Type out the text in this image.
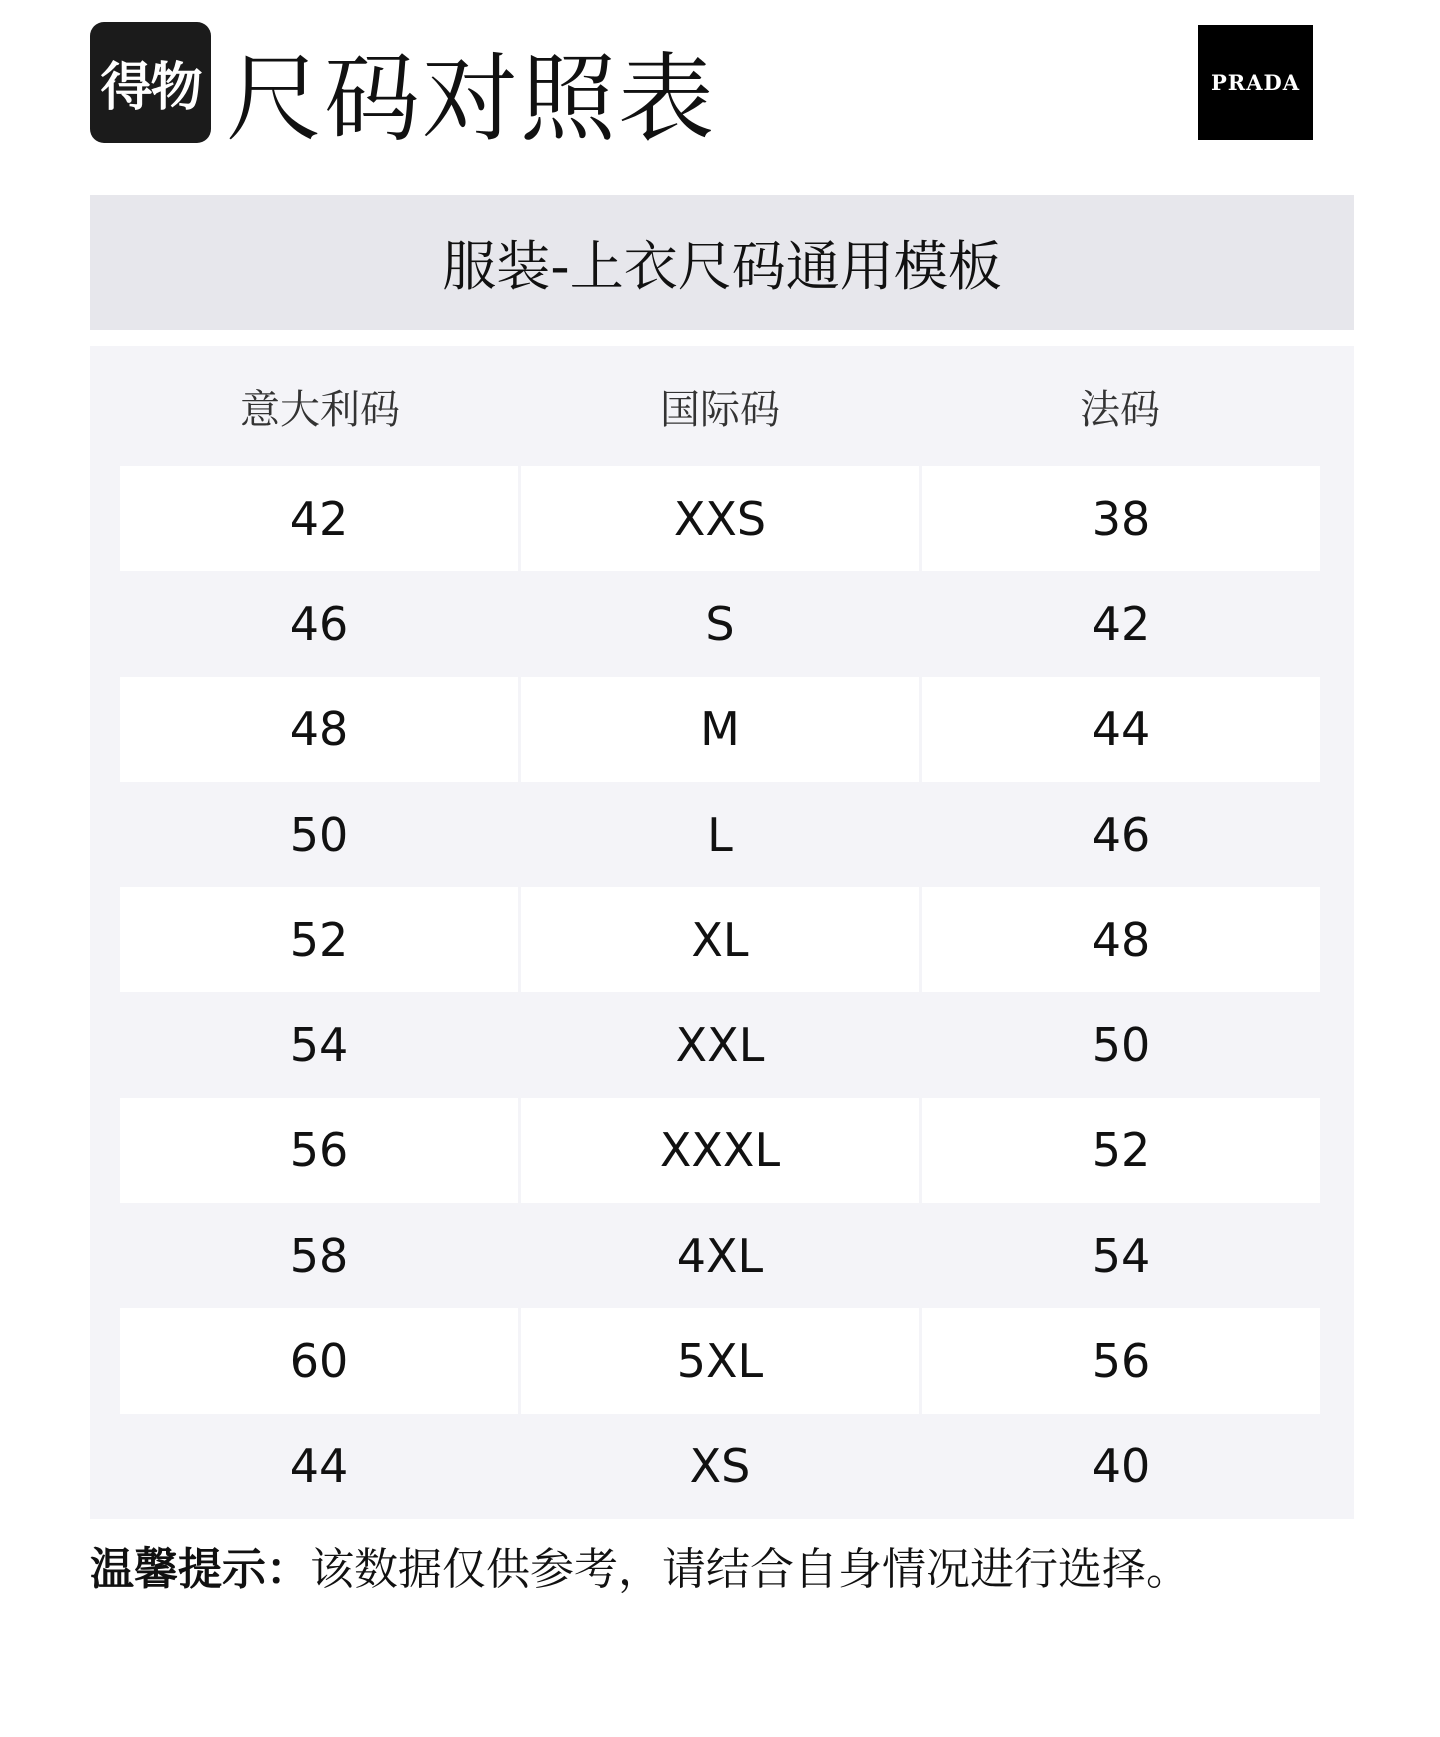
得物 尺码对照表	PRADA
服装-上衣尺码通用模板
意大利码	国际码	法码
42	XXS	38
46	S	42
48	M	44
50	L	46
52	XL	48
54	XXL	50
56	XXXL	52
58	4XL	54
60	5XL	56
44	XS	40
温馨提示：该数据仅供参考，请结合自身情况进行选择。
